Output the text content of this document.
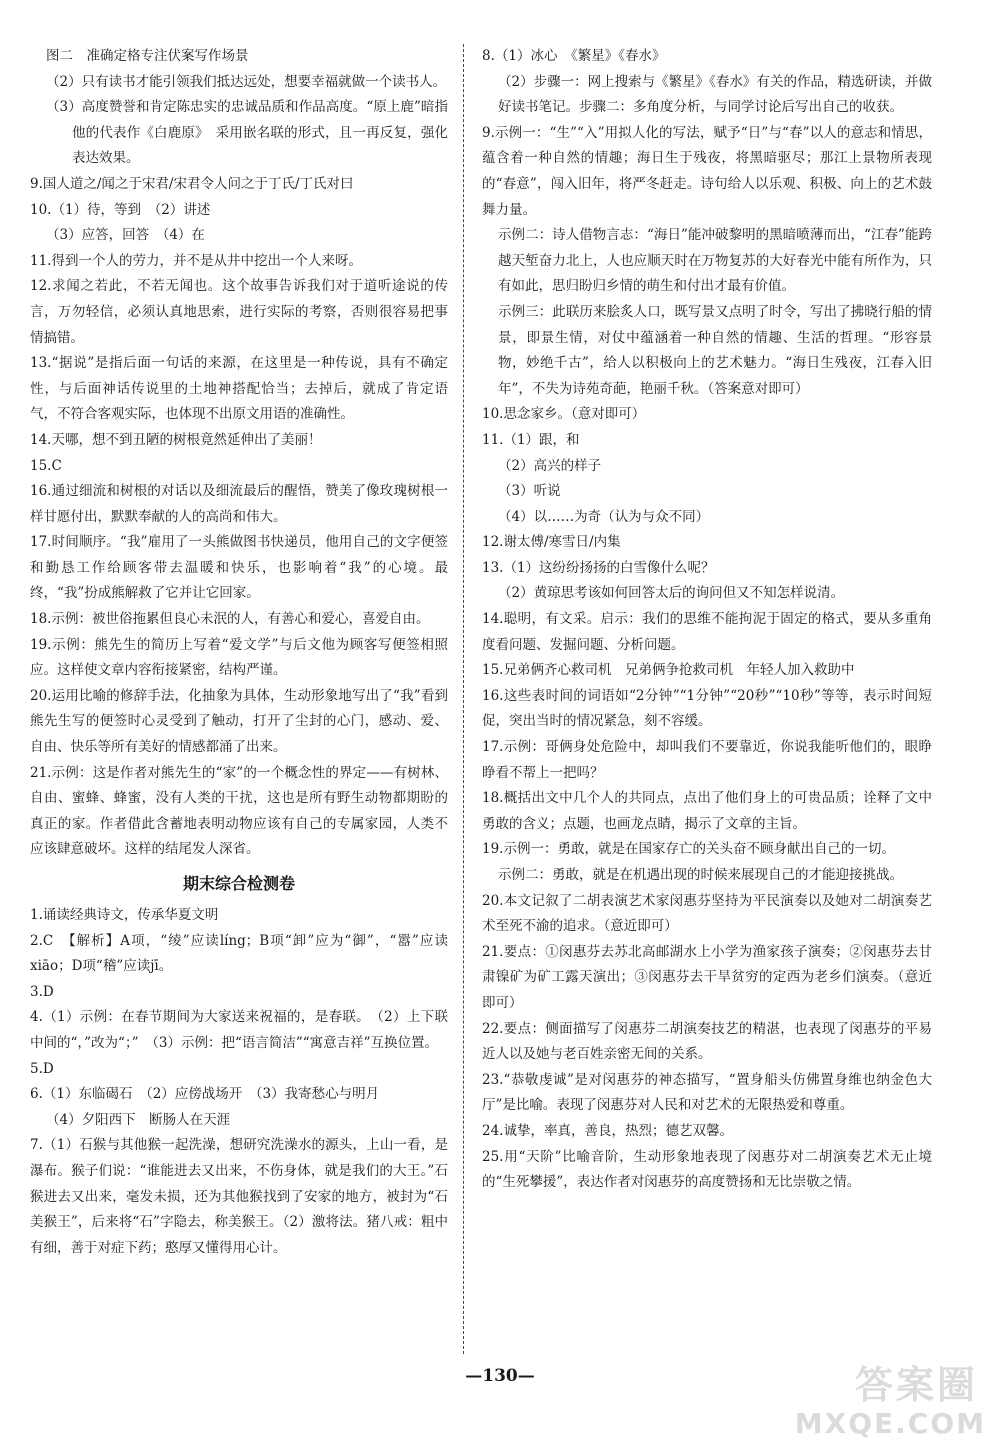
图二　准确定格专注伏案写作场景

（2）只有读书才能引领我们抵达远处，想要幸福就做一个读书人。

（3）高度赞誉和肯定陈忠实的忠诚品质和作品高度。“原上鹿”暗指他的代表作《白鹿原》　采用嵌名联的形式，且一再反复，强化表达效果。

9.国人道之/闻之于宋君/宋君令人问之于丁氏/丁氏对曰

10.（1）待，等到　（2）讲述

（3）应答，回答　（4）在

11.得到一个人的劳力，并不是从井中挖出一个人来呀。

12.求闻之若此，不若无闻也。这个故事告诉我们对于道听途说的传言，万勿轻信，必须认真地思索，进行实际的考察，否则很容易把事情搞错。

13.“据说”是指后面一句话的来源，在这里是一种传说，具有不确定性，与后面神话传说里的土地神搭配恰当；去掉后，就成了肯定语气，不符合客观实际，也体现不出原文用语的准确性。

14.天哪，想不到丑陋的树根竟然延伸出了美丽！

15.C

16.通过细流和树根的对话以及细流最后的醒悟，赞美了像玫瑰树根一样甘愿付出，默默奉献的人的高尚和伟大。

17.时间顺序。“我”雇用了一头熊做图书快递员，他用自己的文字便签和勤恳工作给顾客带去温暖和快乐，也影响着“我”的心境。最终，“我”扮成熊解救了它并让它回家。

18.示例：被世俗拖累但良心未泯的人，有善心和爱心，喜爱自由。

19.示例：熊先生的简历上写着“爱文学”与后文他为顾客写便签相照应。这样使文章内容衔接紧密，结构严谨。

20.运用比喻的修辞手法，化抽象为具体，生动形象地写出了“我”看到熊先生写的便签时心灵受到了触动，打开了尘封的心门，感动、爱、自由、快乐等所有美好的情感都涌了出来。

21.示例：这是作者对熊先生的“家”的一个概念性的界定——有树林、自由、蜜蜂、蜂蜜，没有人类的干扰，这也是所有野生动物都期盼的真正的家。作者借此含蓄地表明动物应该有自己的专属家园，人类不应该肆意破坏。这样的结尾发人深省。

期末综合检测卷

1.诵读经典诗文，传承华夏文明

2.C　【解析】A项，“绫”应读líng；B项“卸”应为“御”，“嚣”应读xiāo；D项“稽”应读jī。

3.D

4.（1）示例：在春节期间为大家送来祝福的，是春联。　（2）上下联中间的“，”改为“；”　（3）示例：把“语言简洁”“寓意吉祥”互换位置。

5.D

6.（1）东临碣石　（2）应傍战场开　（3）我寄愁心与明月

（4）夕阳西下　断肠人在天涯

7.（1）石猴与其他猴一起洗澡，想研究洗澡水的源头，上山一看，是瀑布。猴子们说：“谁能进去又出来，不伤身体，就是我们的大王。”石猴进去又出来，毫发未损，还为其他猴找到了安家的地方，被封为“石美猴王”，后来将“石”字隐去，称美猴王。（2）激将法。猪八戒：粗中有细，善于对症下药；憨厚又懂得用心计。

8.（1）冰心　《繁星》《春水》

（2）步骤一：网上搜索与《繁星》《春水》有关的作品，精选研读，并做好读书笔记。步骤二：多角度分析，与同学讨论后写出自己的收获。

9.示例一：“生”“入”用拟人化的写法，赋予“日”与“春”以人的意志和情思，蕴含着一种自然的情趣；海日生于残夜，将黑暗驱尽；那江上景物所表现的“春意”，闯入旧年，将严冬赶走。诗句给人以乐观、积极、向上的艺术鼓舞力量。

示例二：诗人借物言志：“海日”能冲破黎明的黑暗喷薄而出，“江春”能跨越天堑奋力北上，人也应顺天时在万物复苏的大好春光中能有所作为，只有如此，思归盼归乡情的萌生和付出才最有价值。

示例三：此联历来脍炙人口，既写景又点明了时令，写出了拂晓行船的情景，即景生情，对仗中蕴涵着一种自然的情趣、生活的哲理。“形容景物，妙绝千古”，给人以积极向上的艺术魅力。“海日生残夜，江春入旧年”，不失为诗苑奇葩，艳丽千秋。（答案意对即可）

10.思念家乡。（意对即可）

11.（1）跟，和

（2）高兴的样子

（3）听说

（4）以……为奇（认为与众不同）

12.谢太傅/寒雪日/内集

13.（1）这纷纷扬扬的白雪像什么呢？

（2）黄琼思考该如何回答太后的询问但又不知怎样说清。

14.聪明，有文采。启示：我们的思维不能拘泥于固定的格式，要从多重角度看问题、发掘问题、分析问题。

15.兄弟俩齐心救司机　兄弟俩争抢救司机　年轻人加入救助中

16.这些表时间的词语如“2分钟”“1分钟”“20秒”“10秒”等等，表示时间短促，突出当时的情况紧急，刻不容缓。

17.示例：哥俩身处危险中，却叫我们不要靠近，你说我能听他们的，眼睁睁看不帮上一把吗？

18.概括出文中几个人的共同点，点出了他们身上的可贵品质；诠释了文中勇敢的含义；点题，也画龙点睛，揭示了文章的主旨。

19.示例一：勇敢，就是在国家存亡的关头奋不顾身献出自己的一切。

示例二：勇敢，就是在机遇出现的时候来展现自己的才能迎接挑战。

20.本文记叙了二胡表演艺术家闵惠芬坚持为平民演奏以及她对二胡演奏艺术至死不渝的追求。（意近即可）

21.要点：①闵惠芬去苏北高邮湖水上小学为渔家孩子演奏；②闵惠芬去甘肃镍矿为矿工露天演出；③闵惠芬去干旱贫穷的定西为老乡们演奏。（意近即可）

22.要点：侧面描写了闵惠芬二胡演奏技艺的精湛，也表现了闵惠芬的平易近人以及她与老百姓亲密无间的关系。

23.“恭敬虔诚”是对闵惠芬的神态描写，“置身船头仿佛置身维也纳金色大厅”是比喻。表现了闵惠芬对人民和对艺术的无限热爱和尊重。

24.诚挚，率真，善良，热烈；德艺双馨。

25.用“天阶”比喻音阶，生动形象地表现了闵惠芬对二胡演奏艺术无止境的“生死攀援”，表达作者对闵惠芬的高度赞扬和无比崇敬之情。

—130—	答案圈
MXQE.COM
